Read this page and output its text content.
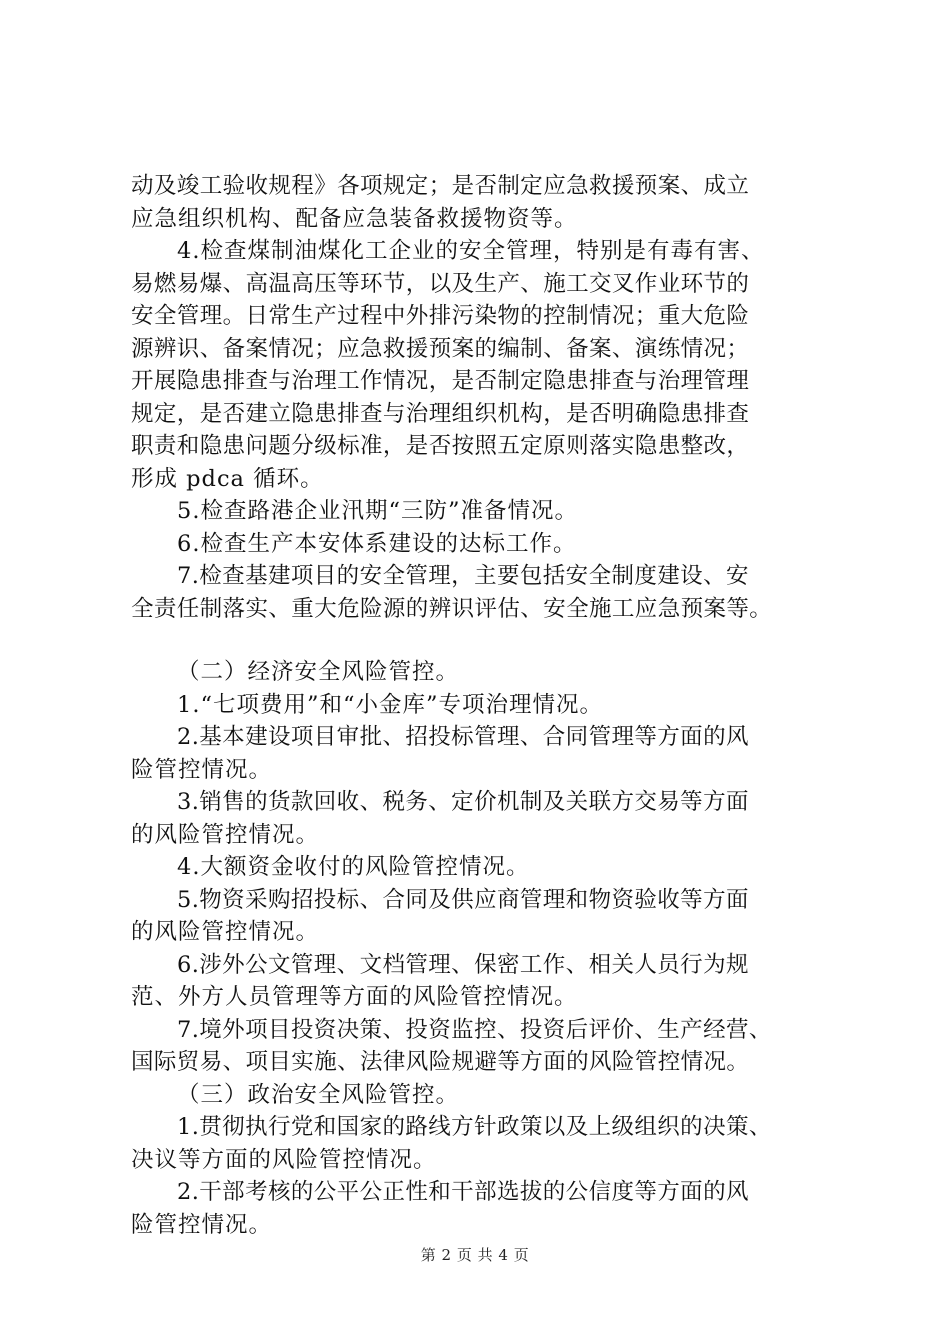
动及竣工验收规程》各项规定；是否制定应急救援预案、成立
应急组织机构、配备应急装备救援物资等。
4.检查煤制油煤化工企业的安全管理，特别是有毒有害、
易燃易爆、高温高压等环节，以及生产、施工交叉作业环节的
安全管理。日常生产过程中外排污染物的控制情况；重大危险
源辨识、备案情况；应急救援预案的编制、备案、演练情况；
开展隐患排查与治理工作情况，是否制定隐患排查与治理管理
规定，是否建立隐患排查与治理组织机构，是否明确隐患排查
职责和隐患问题分级标准，是否按照五定原则落实隐患整改，
形成 pdca 循环。
5.检查路港企业汛期“三防”准备情况。
6.检查生产本安体系建设的达标工作。
7.检查基建项目的安全管理，主要包括安全制度建设、安
全责任制落实、重大危险源的辨识评估、安全施工应急预案等。
（二）经济安全风险管控。
1.“七项费用”和“小金库”专项治理情况。
2.基本建设项目审批、招投标管理、合同管理等方面的风
险管控情况。
3.销售的货款回收、税务、定价机制及关联方交易等方面
的风险管控情况。
4.大额资金收付的风险管控情况。
5.物资采购招投标、合同及供应商管理和物资验收等方面
的风险管控情况。
6.涉外公文管理、文档管理、保密工作、相关人员行为规
范、外方人员管理等方面的风险管控情况。
7.境外项目投资决策、投资监控、投资后评价、生产经营、
国际贸易、项目实施、法律风险规避等方面的风险管控情况。
（三）政治安全风险管控。
1.贯彻执行党和国家的路线方针政策以及上级组织的决策、
决议等方面的风险管控情况。
2.干部考核的公平公正性和干部选拔的公信度等方面的风
险管控情况。
第 2 页 共 4 页
